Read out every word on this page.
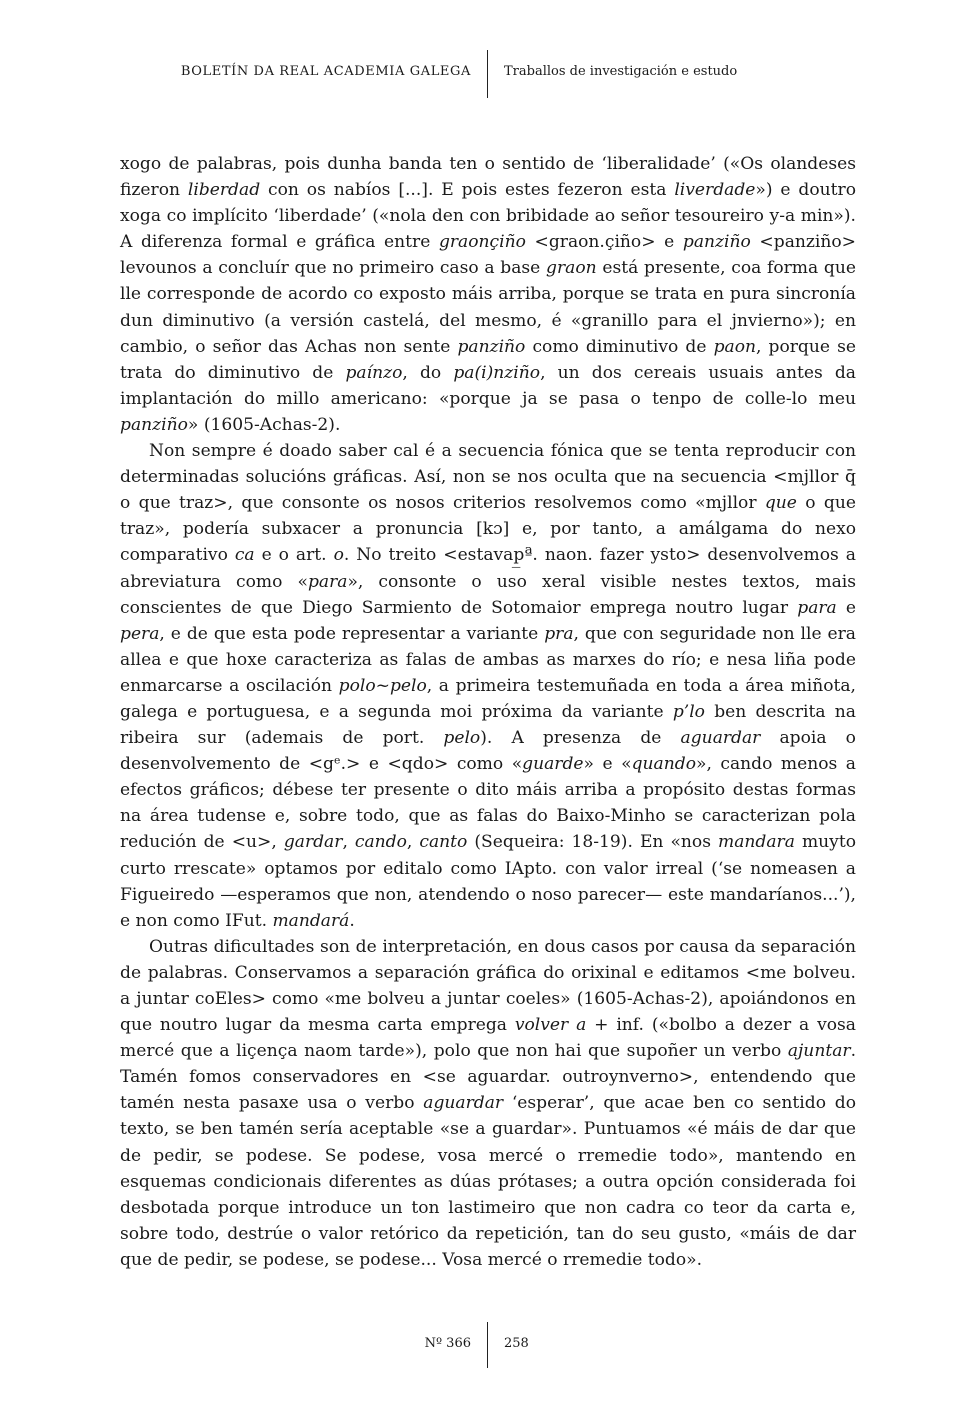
BOLETÍN DA REAL ACADEMIA GALEGA	Traballos de investigación e estudo

xogo de palabras, pois dunha banda ten o sentido de ‘liberalidade’ («Os olandeses fizeron liberdad con os nabíos [...]. E pois estes fezeron esta liverdade») e doutro xoga co implícito ‘liberdade’ («nola den con bribidade ao señor tesoureiro y-a min»). A diferenza formal e gráfica entre graonçiño <graon.çiño> e panziño <panziño> levounos a concluír que no primeiro caso a base graon está presente, coa forma que lle corresponde de acordo co exposto máis arriba, porque se trata en pura sincronía dun diminutivo (a versión castelá, del mesmo, é «granillo para el jnvierno»); en cambio, o señor das Achas non sente panziño como diminutivo de paon, porque se trata do diminutivo de paínzo, do pa(i)nziño, un dos cereais usuais antes da implantación do millo americano: «porque ja se pasa o tenpo de colle-lo meu panziño» (1605-Achas-2).

Non sempre é doado saber cal é a secuencia fónica que se tenta reproducir con determinadas solucións gráficas. Así, non se nos oculta que na secuencia <mjllor q̄ o que traz>, que consonte os nosos criterios resolvemos como «mjllor que o que traz», podería subxacer a pronuncia [kɔ] e, por tanto, a amálgama do nexo comparativo ca e o art. o. No treito <estavap̲ª. naon. fazer ysto> desenvolvemos a abreviatura como «para», consonte o uso xeral visible nestes textos, mais conscientes de que Diego Sarmiento de Sotomaior emprega noutro lugar para e pera, e de que esta pode representar a variante pra, que con seguridade non lle era allea e que hoxe caracteriza as falas de ambas as marxes do río; e nesa liña pode enmarcarse a oscilación polo~pelo, a primeira testemuñada en toda a área miñota, galega e portuguesa, e a segunda moi próxima da variante p’lo ben descrita na ribeira sur (ademais de port. pelo). A presenza de aguardar apoia o desenvolvemento de <gᵉ.> e <qdo> como «guarde» e «quando», cando menos a efectos gráficos; débese ter presente o dito máis arriba a propósito destas formas na área tudense e, sobre todo, que as falas do Baixo-Minho se caracterizan pola redución de <u>, gardar, cando, canto (Sequeira: 18-19). En «nos mandara muyto curto rrescate» optamos por editalo como IApto. con valor irreal (‘se nomeasen a Figueiredo —esperamos que non, atendendo o noso parecer— este mandaríanos...’), e non como IFut. mandará.

Outras dificultades son de interpretación, en dous casos por causa da separación de palabras. Conservamos a separación gráfica do orixinal e editamos <me bolveu. a juntar coEles> como «me bolveu a juntar coeles» (1605-Achas-2), apoiándonos en que noutro lugar da mesma carta emprega volver a + inf. («bolbo a dezer a vosa mercé que a liçença naom tarde»), polo que non hai que supoñer un verbo ajuntar. Tamén fomos conservadores en <se aguardar. outroynverno>, entendendo que tamén nesta pasaxe usa o verbo aguardar ‘esperar’, que acae ben co sentido do texto, se ben tamén sería aceptable «se a guardar». Puntuamos «é máis de dar que de pedir, se podese. Se podese, vosa mercé o rremedie todo», mantendo en esquemas condicionais diferentes as dúas prótases; a outra opción considerada foi desbotada porque introduce un ton lastimeiro que non cadra co teor da carta e, sobre todo, destrúe o valor retórico da repetición, tan do seu gusto, «máis de dar que de pedir, se podese, se podese... Vosa mercé o rremedie todo».

Nº 366	258
